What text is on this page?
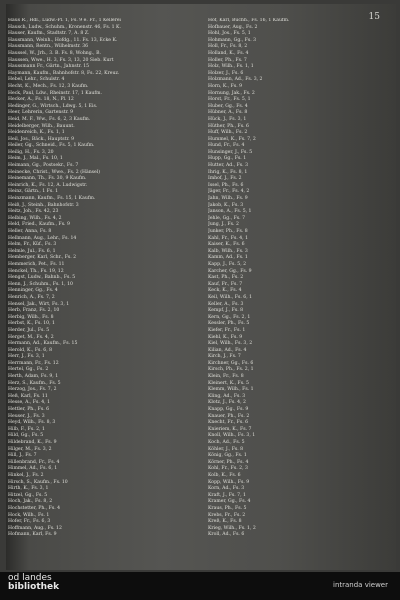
15
Haus R., Hdl., Ludw.-Pl. 1, Fs. 9 e. Fr., 1 Kellerei
Hausch, Ludw., Schuhm., Kronenstr. 46, Fs. 1 K.
Hauser, Kaufm., Stadtstr. 7, A. 8 Z.
Hausmann, Weinh., Hofdg., 11. Fs. 13, Ecke K.
Hausmann, Rentn., Wilhelmstr. 36
Haussel, W., Jrh., 3. B. Fs. 8, Wohng., B.
Haussen, Wwe., H. 3, Fs. 3, 13, 20 Sieb. Kurt
Haussmann Fr., Gärtn., Jahnstr. 15
Haymann, Kaufm., Bahnhofstr. 8, Fs. 22, Kreuz.
Hebel, Lehr., Schulstr. 4
Hecht, K., Mech., Fs. 12, 3 Kaufm.
Heck, Paul, Ldw., Rheinstr. 17, 1 Kaufm.
Hecker, A., Fs. 18, N., Pl. 12
Hedinger, G., Wirtsch., Ldwg. 5, 1 Eis.
Heer, Lehrerin, Gartenstr. 9
Heid, M. F., Ww., Fs. 6, 2, 3 Kaufm.
Heidelberger, Wilh., Bauunt.
Heidenreich, K., Fs. 1, 1
Heil, Jos., Bäck., Hauptstr. 9
Heiler, Gg., Schneid., Fs. 5, 1 Kaufm.
Heilig, H., Fs. 3, 20
Heim, J., Mal., Fs. 10, 1
Heimann, Gg., Postsekr., Fs. 7
Heinecke, Christ., Wwe., Fs. 2 (Hänsel)
Heinemann, Th., Fs. 30, 9 Kaufm.
Heinrich, K., Fs. 12, A. Ludwigstr.
Heinz, Gärtn., 1 Fs. 1
Heinzmann, Kaufm., Fs. 15, 1 Kaufm.
Heiß, J., Steinh., Bahnhofstr. 3
Heitz, Joh., Fs. 42, 23
Helbing, Wilh., Fs. 4, 2
Held, Fried., Kaufm., Fs. 9
Heller, Anna, Fs. 8
Hellmann, Aug., Lehr., Fs. 14
Helm, Fr., Küf., Fs. 3
Helmle, Jul., Fs. 6, 1
Hemberger, Karl, Schr., Fs. 2
Hemmerich, Pet., Fs. 11
Henckel, Th., Fs. 19, 12
Hengst, Ludw., Bahnb., Fs. 5
Henn, J., Schuhm., Fs. 1, 10
Henninger, Gg., Fs. 4
Henrich, A., Fs. 7, 2
Hensel, Jak., Wirt, Fs. 3, 1
Herb, Franz, Fs. 2, 10
Herbig, Wilh., Fs. 8
Herbst, K., Fs. 10, 1
Herder, Jul., Fs. 5
Herget, M., Fs. 4, 2
Hermann, Ad., Kaufm., Fs. 15
Herold, K., Fs. 6, 8
Herr, J., Fs. 3, 1
Herrmann, Fr., Fs. 12
Hertel, Gg., Fs. 2
Herth, Adam, Fs. 9, 1
Herz, S., Kaufm., Fs. 5
Herzog, Jos., Fs. 7, 2
Heß, Karl, Fs. 11
Hesse, A., Fs. 4, 1
Hettler, Ph., Fs. 6
Heuser, J., Fs. 3
Heyd, Wilh., Fs. 8, 3
Hilb, F., Fs. 2, 1
Hild, Gg., Fs. 5
Hildebrand, K., Fs. 9
Hilger, M., Fs. 3, 2
Hill, J., Fs. 7
Hillenbrand, Fr., Fs. 4
Himmel, Ad., Fs. 6, 1
Hinkel, J., Fs. 2
Hirsch, S., Kaufm., Fs. 10
Hirth, K., Fs. 3, 1
Hitzel, Gg., Fs. 5
Hoch, Jak., Fs. 8, 2
Hochstetter, Ph., Fs. 4
Hock, Wilh., Fs. 1
Hofer, Fr., Fs. 6, 3
Hoffmann, Aug., Fs. 12
Hofmann, Karl, Fs. 9
Hof, Karl, Buchh., Fs. 16, 1 Kaufm.
Hofbauer, Aug., Fs. 2
Hohl, Jos., Fs. 5, 1
Hohmann, Gg., Fs. 3
Holl, Fr., Fs. 8, 2
Holland, K., Fs. 4
Holler, Ph., Fs. 7
Holz, Wilh., Fs. 1, 1
Holzer, J., Fs. 6
Holzmann, Ad., Fs. 3, 2
Horn, K., Fs. 9
Hornung, Jak., Fs. 2
Horst, Fr., Fs. 5, 1
Huber, Gg., Fs. 4
Hübner, A., Fs. 8
Hück, J., Fs. 3, 1
Hüther, Ph., Fs. 6
Huff, Wilh., Fs. 2
Hummel, K., Fs. 7, 2
Hund, Fr., Fs. 4
Hunsinger, J., Fs. 5
Hupp, Gg., Fs. 1
Hutter, Ad., Fs. 3
Ihrig, K., Fs. 8, 1
Imhof, J., Fs. 2
Issel, Ph., Fs. 6
Jäger, Fr., Fs. 4, 2
Jahn, Wilh., Fs. 9
Jakob, K., Fs. 3
Janson, A., Fs. 5, 1
Jehle, Gg., Fs. 7
Jung, J., Fs. 2
Junker, Ph., Fs. 8
Kahl, Fr., Fs. 4, 1
Kaiser, K., Fs. 6
Kalb, Wilh., Fs. 3
Kamm, Ad., Fs. 1
Kapp, J., Fs. 5, 2
Karcher, Gg., Fs. 9
Kast, Ph., Fs. 2
Kauf, Fr., Fs. 7
Keck, K., Fs. 4
Keil, Wilh., Fs. 6, 1
Keller, A., Fs. 3
Kempf, J., Fs. 8
Kern, Gg., Fs. 2, 1
Kessler, Ph., Fs. 5
Kiefer, Fr., Fs. 1
Kiehl, K., Fs. 9
Kiel, Wilh., Fs. 3, 2
Kilian, Ad., Fs. 4
Kirch, J., Fs. 7
Kirchner, Gg., Fs. 6
Kirsch, Ph., Fs. 2, 1
Klein, Fr., Fs. 8
Kleinert, K., Fs. 5
Klemm, Wilh., Fs. 1
Kling, Ad., Fs. 3
Klotz, J., Fs. 4, 2
Knapp, Gg., Fs. 9
Knauer, Ph., Fs. 2
Knecht, Fr., Fs. 6
Knieriem, K., Fs. 7
Knoll, Wilh., Fs. 3, 1
Koch, Ad., Fs. 5
Köhler, J., Fs. 8
König, Gg., Fs. 1
Körner, Ph., Fs. 4
Kohl, Fr., Fs. 2, 3
Kolb, K., Fs. 6
Kopp, Wilh., Fs. 9
Korn, Ad., Fs. 3
Kraft, J., Fs. 7, 1
Kramer, Gg., Fs. 4
Kraus, Ph., Fs. 5
Krebs, Fr., Fs. 2
Kreß, K., Fs. 8
Krieg, Wilh., Fs. 1, 2
Kroll, Ad., Fs. 6
od landes
bibliothek	intranda viewer
